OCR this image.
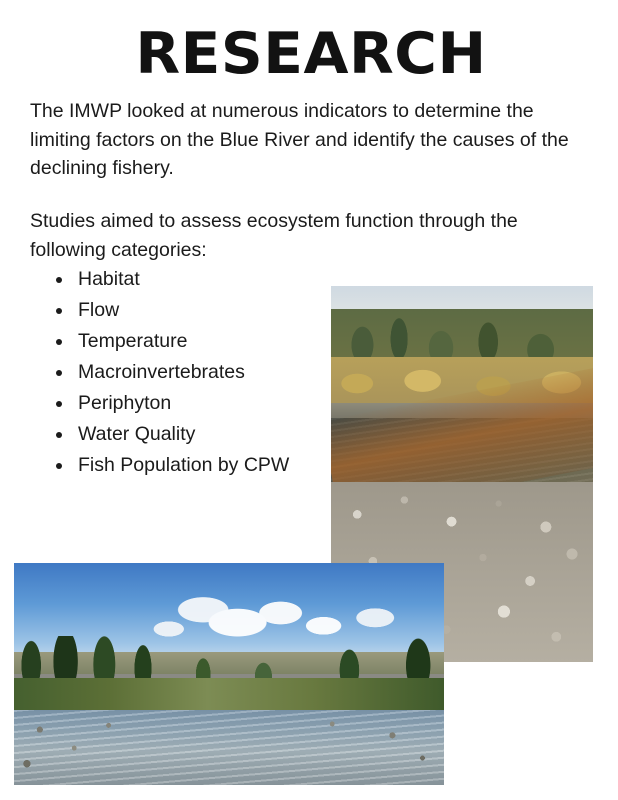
RESEARCH

The IMWP looked at numerous indicators to determine the limiting factors on the Blue River and identify the causes of the declining fishery.

Studies aimed to assess ecosystem function through the following categories:

• Habitat
• Flow
• Temperature
• Macroinvertebrates
• Periphyton
• Water Quality
• Fish Population by CPW
